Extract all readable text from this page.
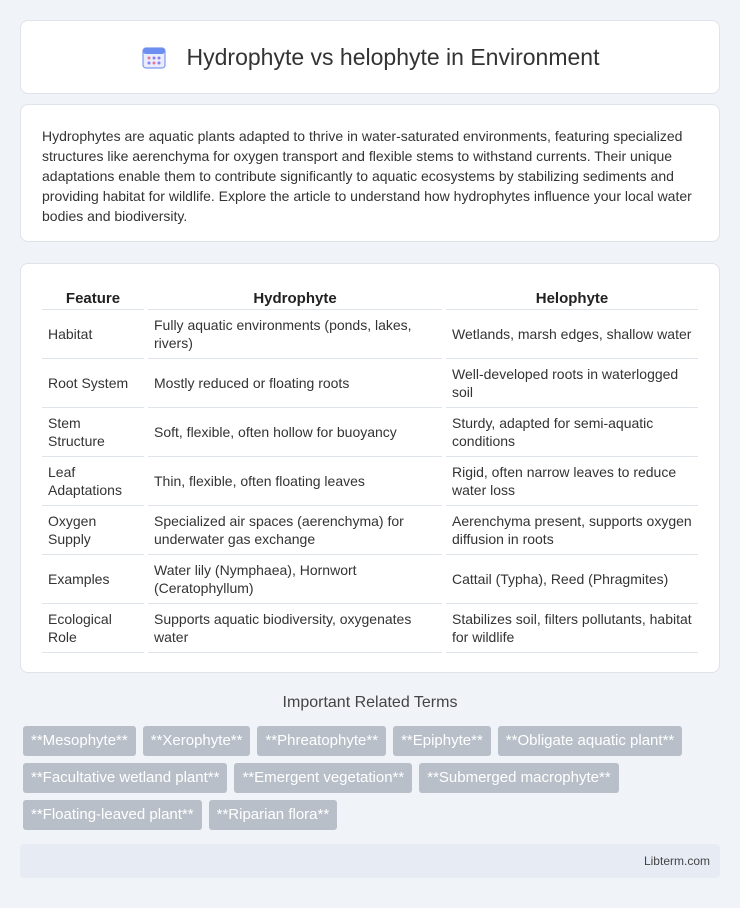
Hydrophyte vs helophyte in Environment

Hydrophytes are aquatic plants adapted to thrive in water-saturated environments, featuring specialized structures like aerenchyma for oxygen transport and flexible stems to withstand currents. Their unique adaptations enable them to contribute significantly to aquatic ecosystems by stabilizing sediments and providing habitat for wildlife. Explore the article to understand how hydrophytes influence your local water bodies and biodiversity.

Feature	Hydrophyte	Helophyte
Habitat	Fully aquatic environments (ponds, lakes, rivers)	Wetlands, marsh edges, shallow water
Root System	Mostly reduced or floating roots	Well-developed roots in waterlogged soil
Stem Structure	Soft, flexible, often hollow for buoyancy	Sturdy, adapted for semi-aquatic conditions
Leaf Adaptations	Thin, flexible, often floating leaves	Rigid, often narrow leaves to reduce water loss
Oxygen Supply	Specialized air spaces (aerenchyma) for underwater gas exchange	Aerenchyma present, supports oxygen diffusion in roots
Examples	Water lily (Nymphaea), Hornwort (Ceratophyllum)	Cattail (Typha), Reed (Phragmites)
Ecological Role	Supports aquatic biodiversity, oxygenates water	Stabilizes soil, filters pollutants, habitat for wildlife
Important Related Terms
**Mesophyte**	**Xerophyte**	**Phreatophyte**	**Epiphyte**	**Obligate aquatic plant**
**Facultative wetland plant**	**Emergent vegetation**	**Submerged macrophyte**
**Floating-leaved plant**	**Riparian flora**
Libterm.com
